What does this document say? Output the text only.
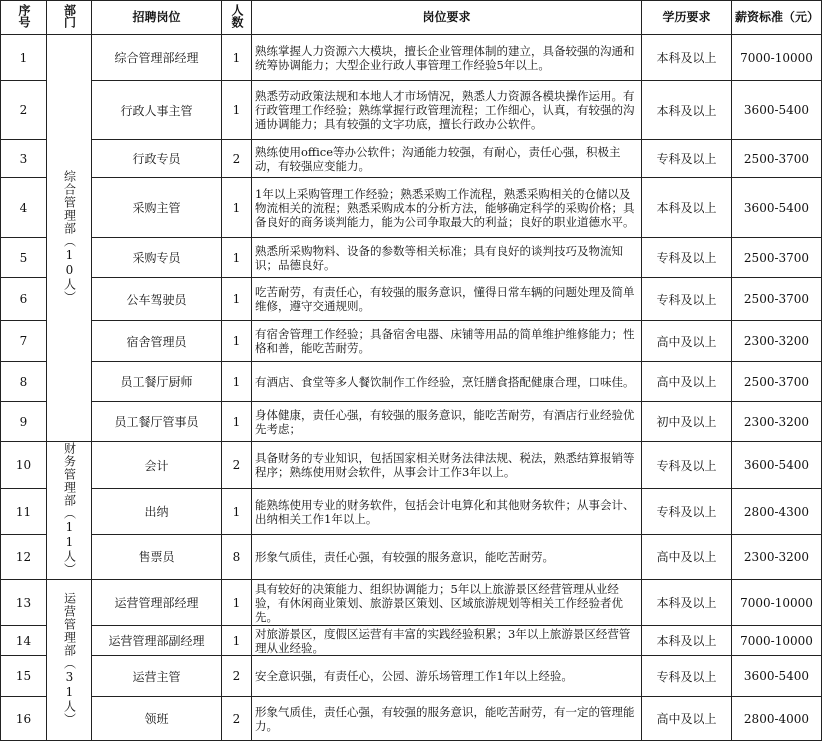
序号	部门	招聘岗位	人数	岗位要求	学历要求	薪资标准（元）
1	综合管理部（10人）	综合管理部经理	1	熟练掌握人力资源六大模块，擅长企业管理体制的建立，具备较强的沟通和统筹协调能力；大型企业行政人事管理工作经验5年以上。	本科及以上	7000-10000
2		行政人事主管	1	熟悉劳动政策法规和本地人才市场情况，熟悉人力资源各模块操作运用。有行政管理工作经验；熟练掌握行政管理流程；工作细心，认真，有较强的沟通协调能力；具有较强的文字功底，擅长行政办公软件。	本科及以上	3600-5400
3		行政专员	2	熟练使用office等办公软件；沟通能力较强，有耐心，责任心强，积极主动，有较强应变能力。	专科及以上	2500-3700
4		采购主管	1	1年以上采购管理工作经验；熟悉采购工作流程，熟悉采购相关的仓储以及物流相关的流程；熟悉采购成本的分析方法，能够确定科学的采购价格；具备良好的商务谈判能力，能为公司争取最大的利益；良好的职业道德水平。	本科及以上	3600-5400
5		采购专员	1	熟悉所采购物料、设备的参数等相关标准；具有良好的谈判技巧及物流知识；品德良好。	专科及以上	2500-3700
6		公车驾驶员	1	吃苦耐劳，有责任心，有较强的服务意识，懂得日常车辆的问题处理及简单维修，遵守交通规则。	专科及以上	2500-3700
7		宿舍管理员	1	有宿舍管理工作经验；具备宿舍电器、床铺等用品的简单维护维修能力；性格和善，能吃苦耐劳。	高中及以上	2300-3200
8		员工餐厅厨师	1	有酒店、食堂等多人餐饮制作工作经验，烹饪膳食搭配健康合理，口味佳。	高中及以上	2500-3700
9		员工餐厅管事员	1	身体健康，责任心强，有较强的服务意识，能吃苦耐劳，有酒店行业经验优先考虑；	初中及以上	2300-3200
10	财务管理部（11人）	会计	2	具备财务的专业知识，包括国家相关财务法律法规、税法，熟悉结算报销等程序；熟练使用财会软件，从事会计工作3年以上。	专科及以上	3600-5400
11		出纳	1	能熟练使用专业的财务软件，包括会计电算化和其他财务软件；从事会计、出纳相关工作1年以上。	专科及以上	2800-4300
12		售票员	8	形象气质佳，责任心强，有较强的服务意识，能吃苦耐劳。	高中及以上	2300-3200
13	运营管理部（31人）	运营管理部经理	1	具有较好的决策能力、组织协调能力；5年以上旅游景区经营管理从业经验，有休闲商业策划、旅游景区策划、区域旅游规划等相关工作经验者优先。	本科及以上	7000-10000
14		运营管理部副经理	1	对旅游景区，度假区运营有丰富的实践经验积累；3年以上旅游景区经营管理从业经验。	本科及以上	7000-10000
15		运营主管	2	安全意识强，有责任心，公园、游乐场管理工作1年以上经验。	专科及以上	3600-5400
16		领班	2	形象气质佳，责任心强，有较强的服务意识，能吃苦耐劳，有一定的管理能力。	高中及以上	2800-4000
